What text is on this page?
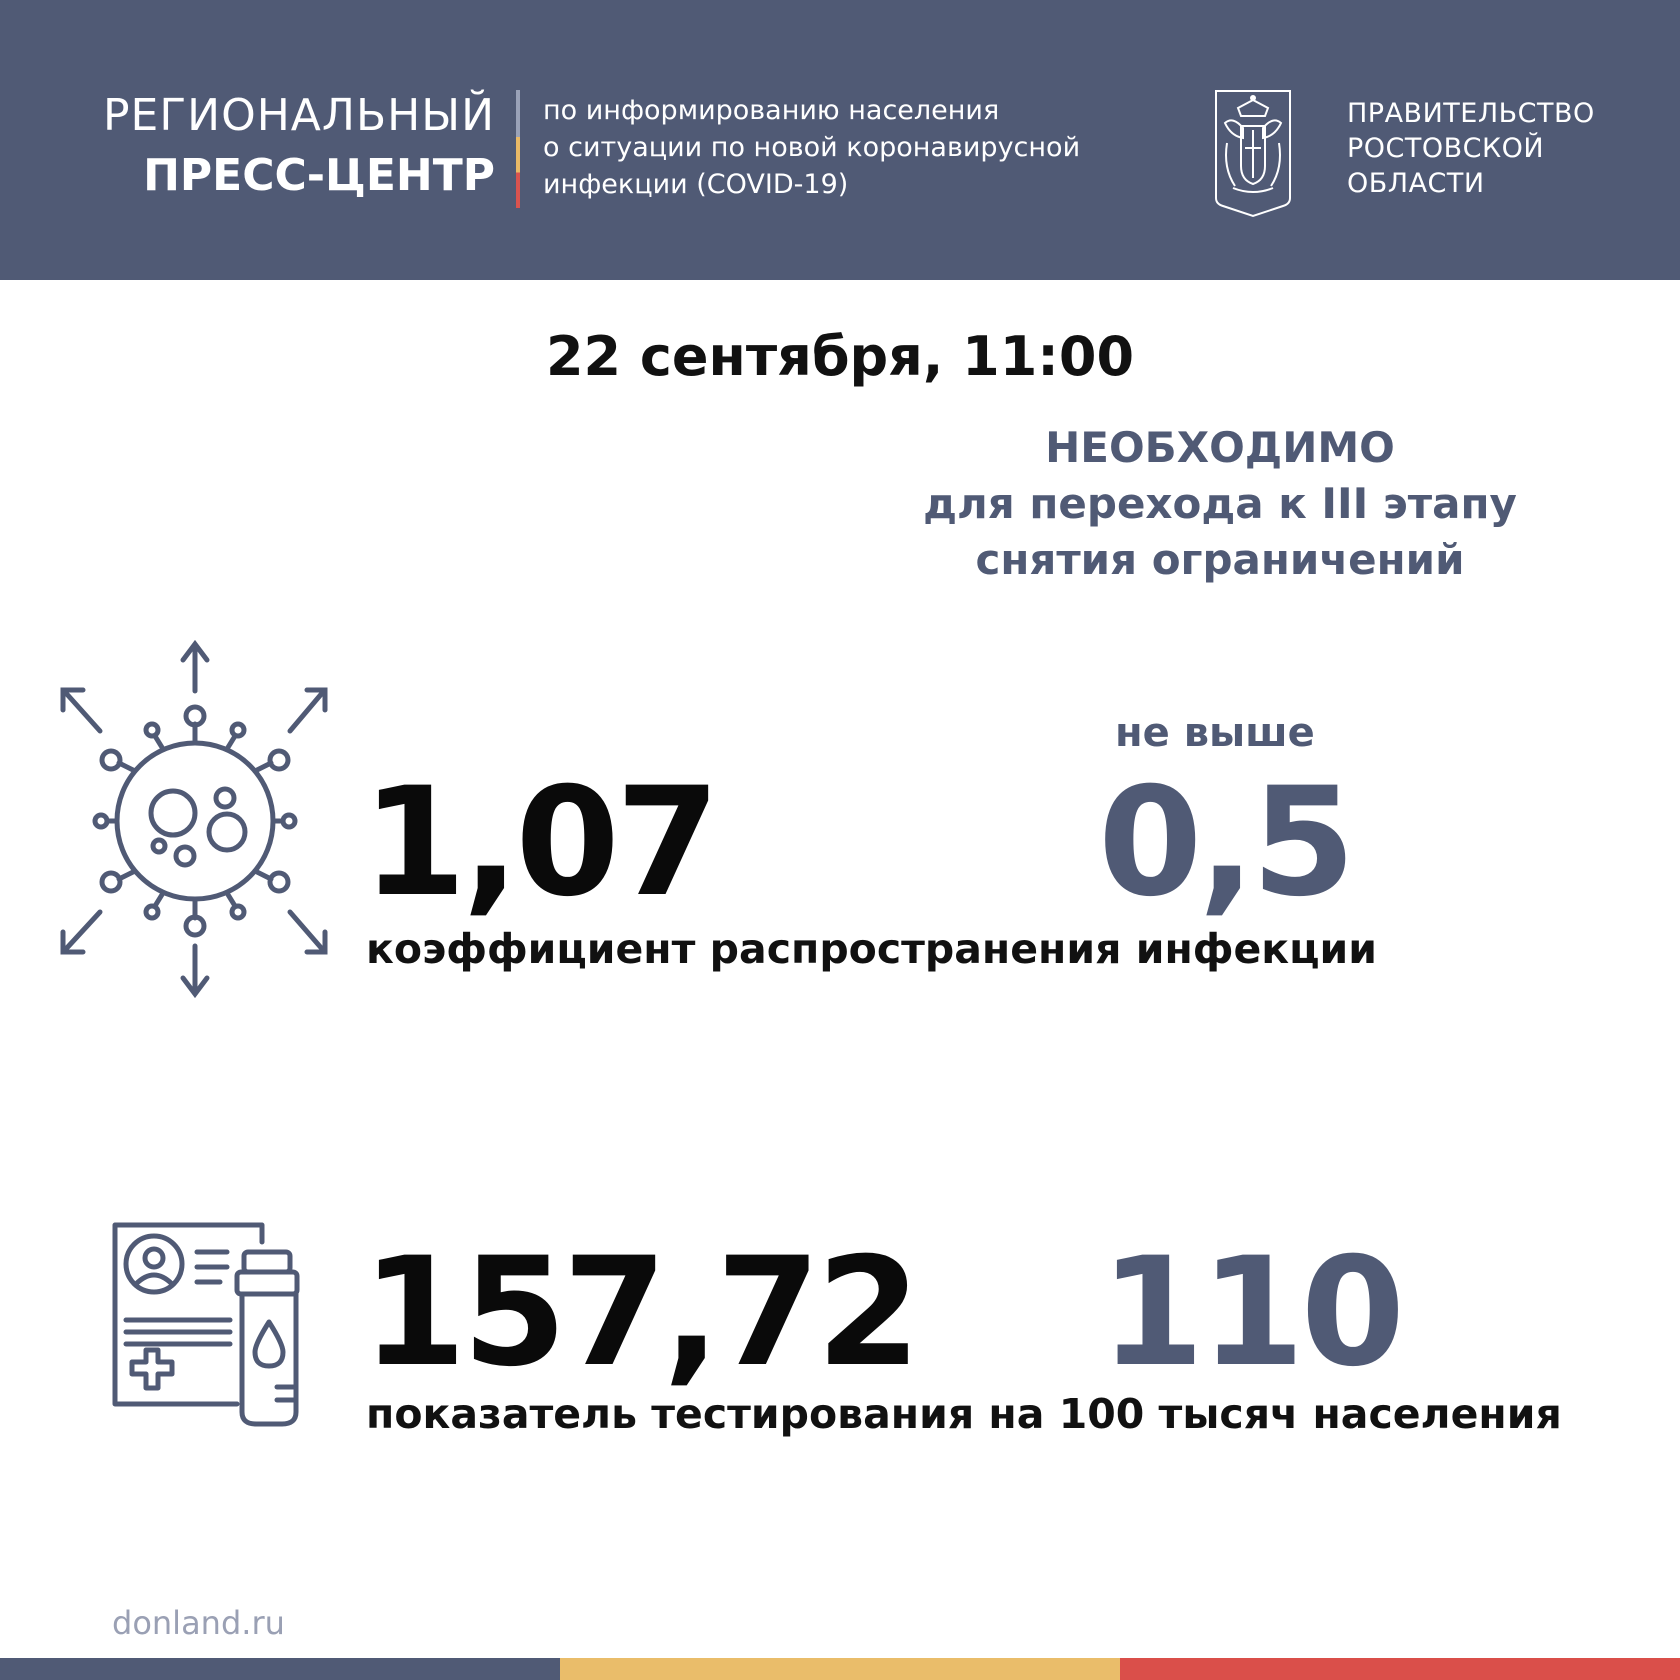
РЕГИОНАЛЬНЫЙ
ПРЕСС-ЦЕНТР
по информированию населения
о ситуации по новой коронавирусной
инфекции (COVID-19)
ПРАВИТЕЛЬСТВО
РОСТОВСКОЙ
ОБЛАСТИ
22 сентября, 11:00
НЕОБХОДИМО
для перехода к III этапу
снятия ограничений
не выше
1,07	0,5
коэффициент распространения инфекции
157,72 110
показатель тестирования на 100 тысяч населения
donland.ru
